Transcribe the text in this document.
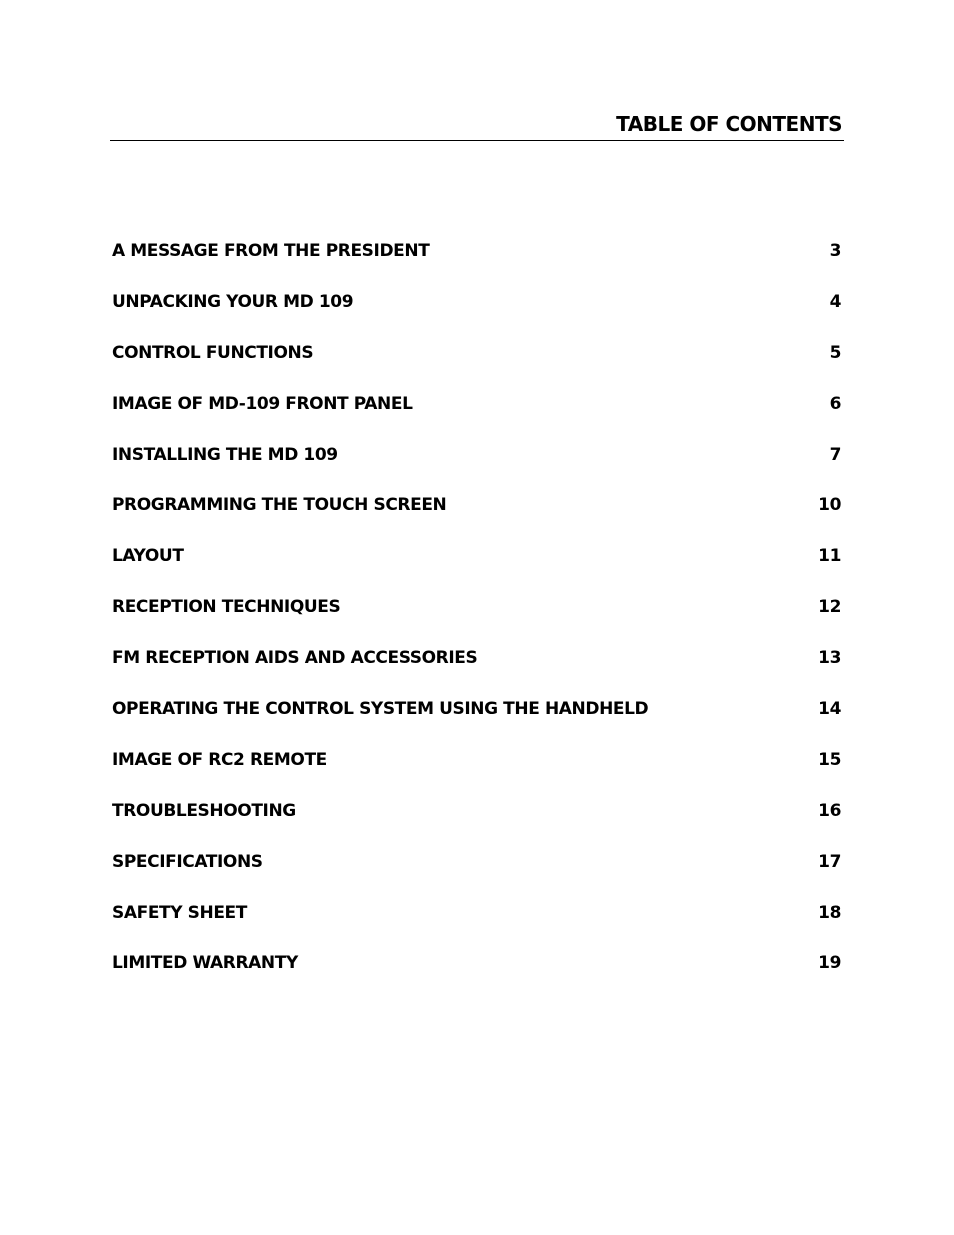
TABLE OF CONTENTS
A MESSAGE FROM THE PRESIDENT	3
UNPACKING YOUR MD 109	4
CONTROL FUNCTIONS	5
IMAGE OF MD-109 FRONT PANEL	6
INSTALLING THE MD 109	7
PROGRAMMING THE TOUCH SCREEN	10
LAYOUT	11
RECEPTION TECHNIQUES	12
FM RECEPTION AIDS AND ACCESSORIES	13
OPERATING THE CONTROL SYSTEM USING THE HANDHELD	14
IMAGE OF RC2 REMOTE	15
TROUBLESHOOTING	16
SPECIFICATIONS	17
SAFETY SHEET	18
LIMITED WARRANTY	19
